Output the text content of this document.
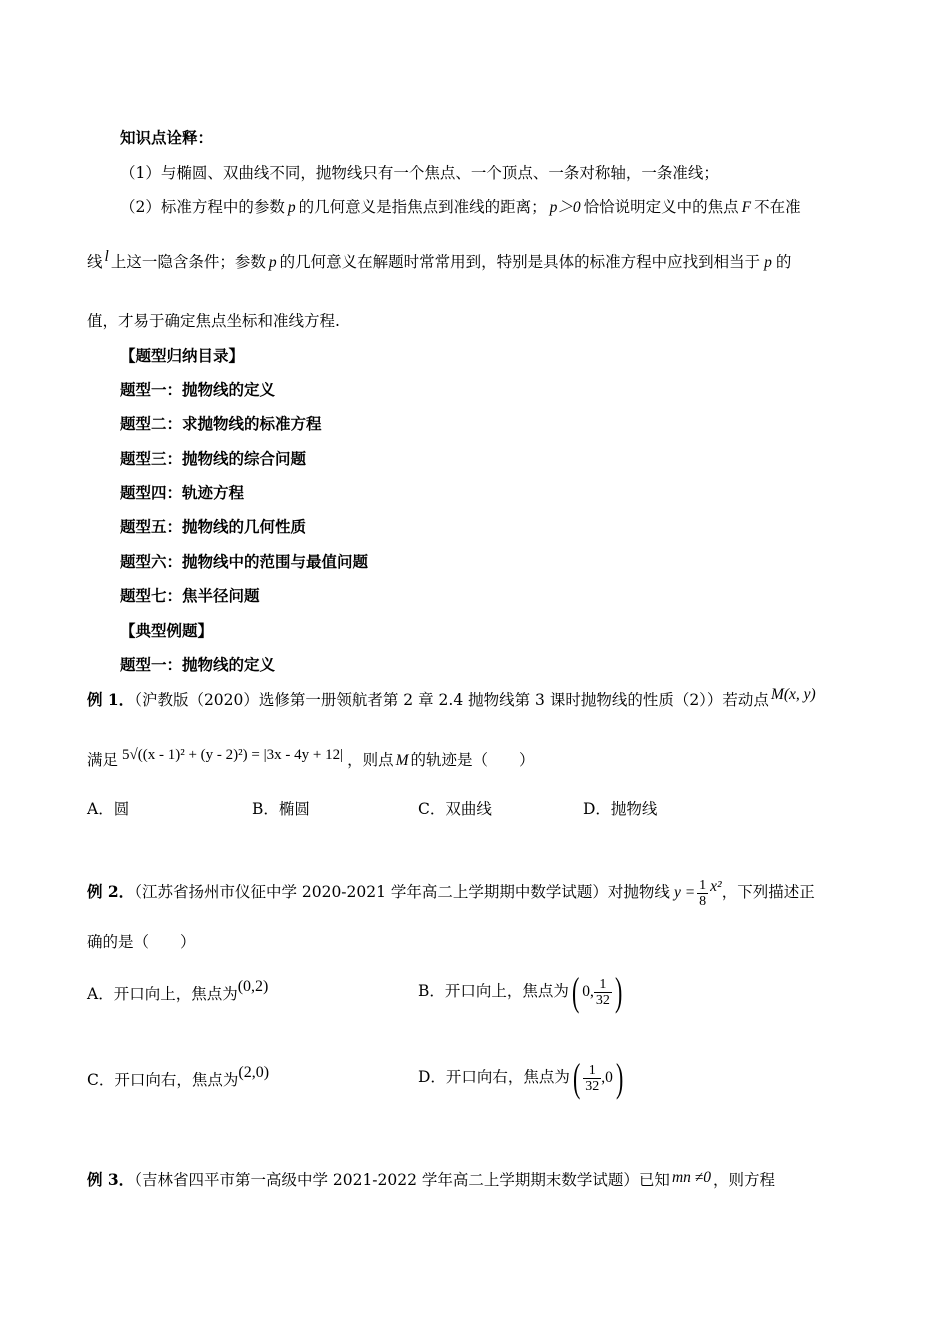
知识点诠释：
（1）与椭圆、双曲线不同，抛物线只有一个焦点、一个顶点、一条对称轴，一条准线；
（2）标准方程中的参数 p 的几何意义是指焦点到准线的距离； p＞0 恰恰说明定义中的焦点 F 不在准
线 l 上这一隐含条件；参数 p 的几何意义在解题时常常用到，特别是具体的标准方程中应找到相当于 p 的
值，才易于确定焦点坐标和准线方程.
【题型归纳目录】
题型一：抛物线的定义
题型二：求抛物线的标准方程
题型三：抛物线的综合问题
题型四：轨迹方程
题型五：抛物线的几何性质
题型六：抛物线中的范围与最值问题
题型七：焦半径问题
【典型例题】
题型一：抛物线的定义
例 1．（沪教版（2020）选修第一册领航者第 2 章 2.4 抛物线第 3 课时抛物线的性质（2））若动点 M(x, y)
满足 5√((x - 1)² + (y - 2)²) = |3x - 4y + 12| ，则点 M 的轨迹是（　　）
A．圆	B．椭圆	C．双曲线	D．抛物线
例 2．（江苏省扬州市仪征中学 2020-2021 学年高二上学期期中数学试题）对抛物线 $y = \frac{1}{8} x^2$，下列描述正
确的是（　　）
A．开口向上，焦点为(0,2)	B．开口向上，焦点为( 0, $\frac{1}{32}$ )
C．开口向右，焦点为(2,0)	D．开口向右，焦点为( $\frac{1}{32} ,0$)
例 3．（吉林省四平市第一高级中学 2021-2022 学年高二上学期期末数学试题）已知 mn ≠0 ，则方程
